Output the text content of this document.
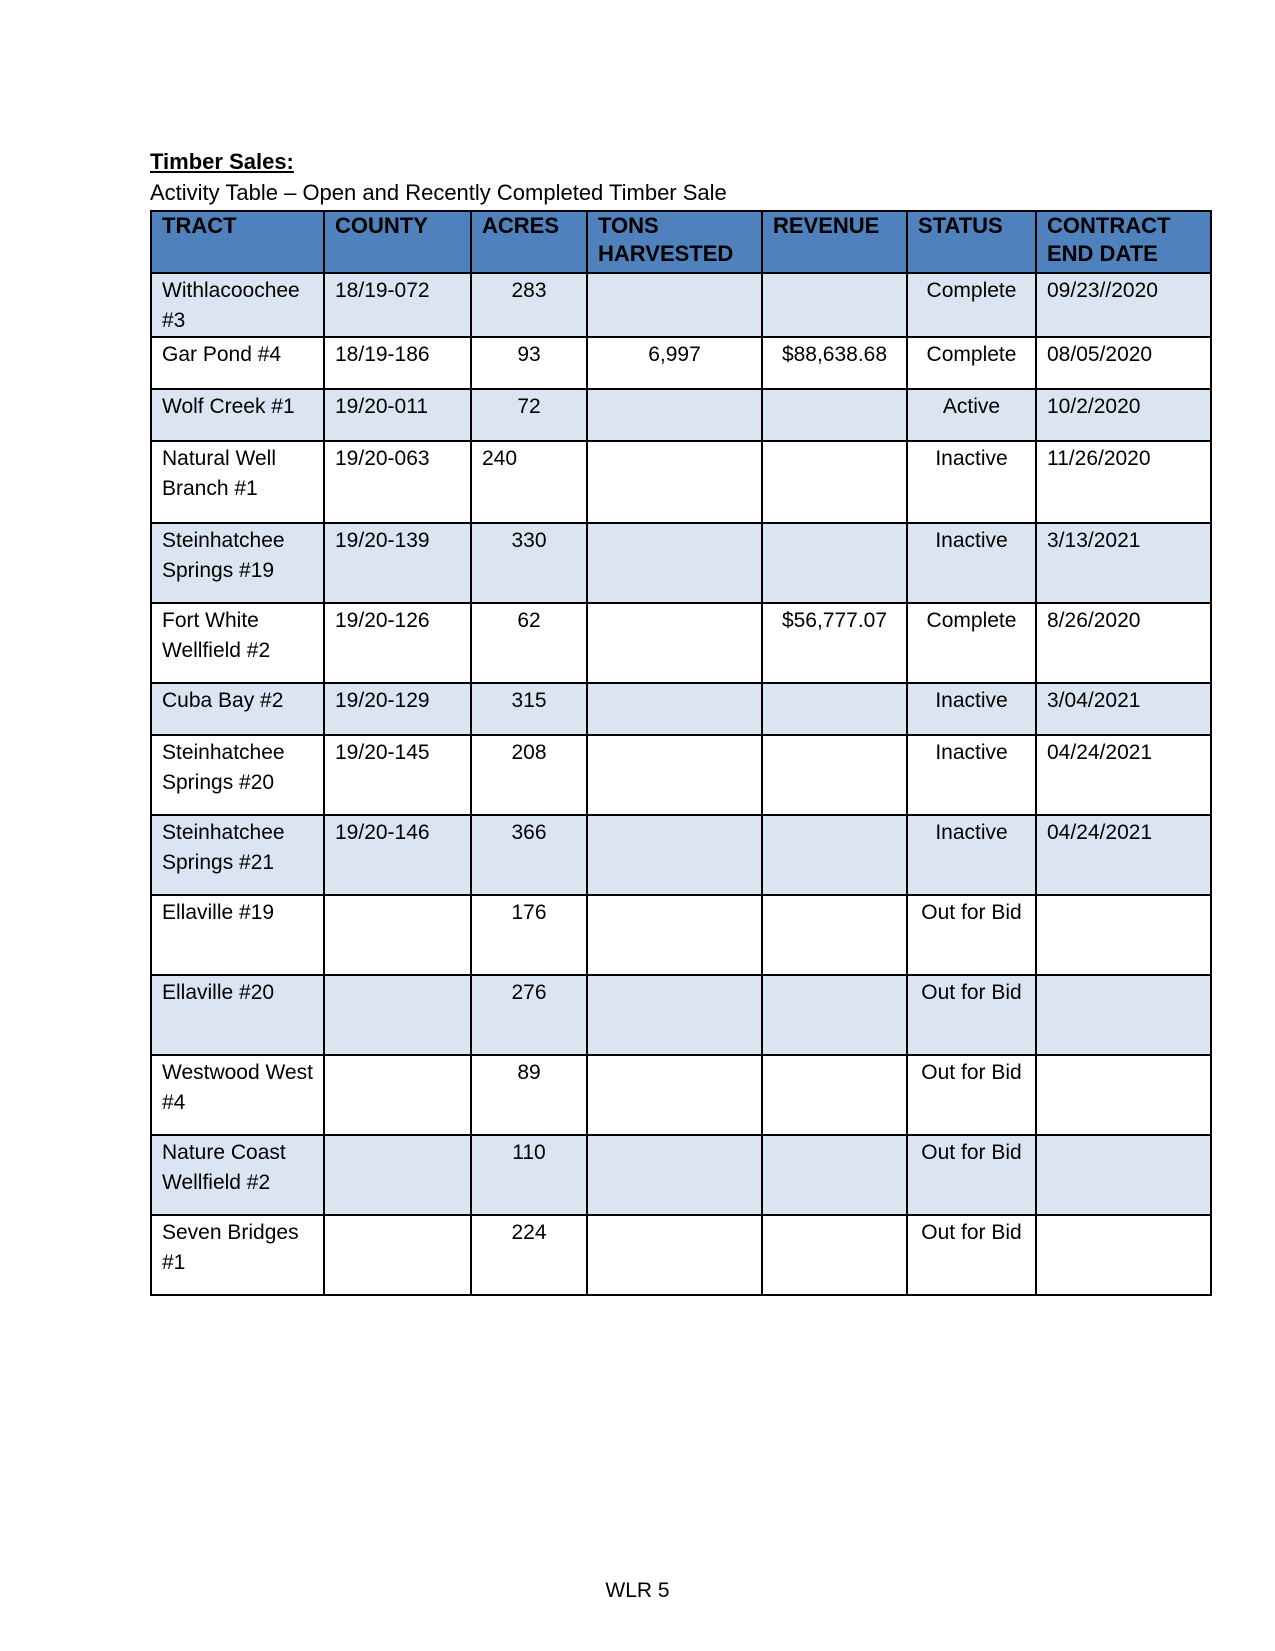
Timber Sales:
Activity Table – Open and Recently Completed Timber Sale
TRACT	COUNTY	ACRES	TONS HARVESTED	REVENUE	STATUS	CONTRACT END DATE
Withlacoochee #3	18/19-072	283			Complete	09/23//2020
Gar Pond #4	18/19-186	93	6,997	$88,638.68	Complete	08/05/2020
Wolf Creek #1	19/20-011	72			Active	10/2/2020
Natural Well Branch #1	19/20-063	240			Inactive	11/26/2020
Steinhatchee Springs #19	19/20-139	330			Inactive	3/13/2021
Fort White Wellfield #2	19/20-126	62		$56,777.07	Complete	8/26/2020
Cuba Bay #2	19/20-129	315			Inactive	3/04/2021
Steinhatchee Springs #20	19/20-145	208			Inactive	04/24/2021
Steinhatchee Springs #21	19/20-146	366			Inactive	04/24/2021
Ellaville #19		176			Out for Bid	
Ellaville #20		276			Out for Bid	
Westwood West #4		89			Out for Bid	
Nature Coast Wellfield #2		110			Out for Bid	
Seven Bridges #1		224			Out for Bid	
WLR 5
